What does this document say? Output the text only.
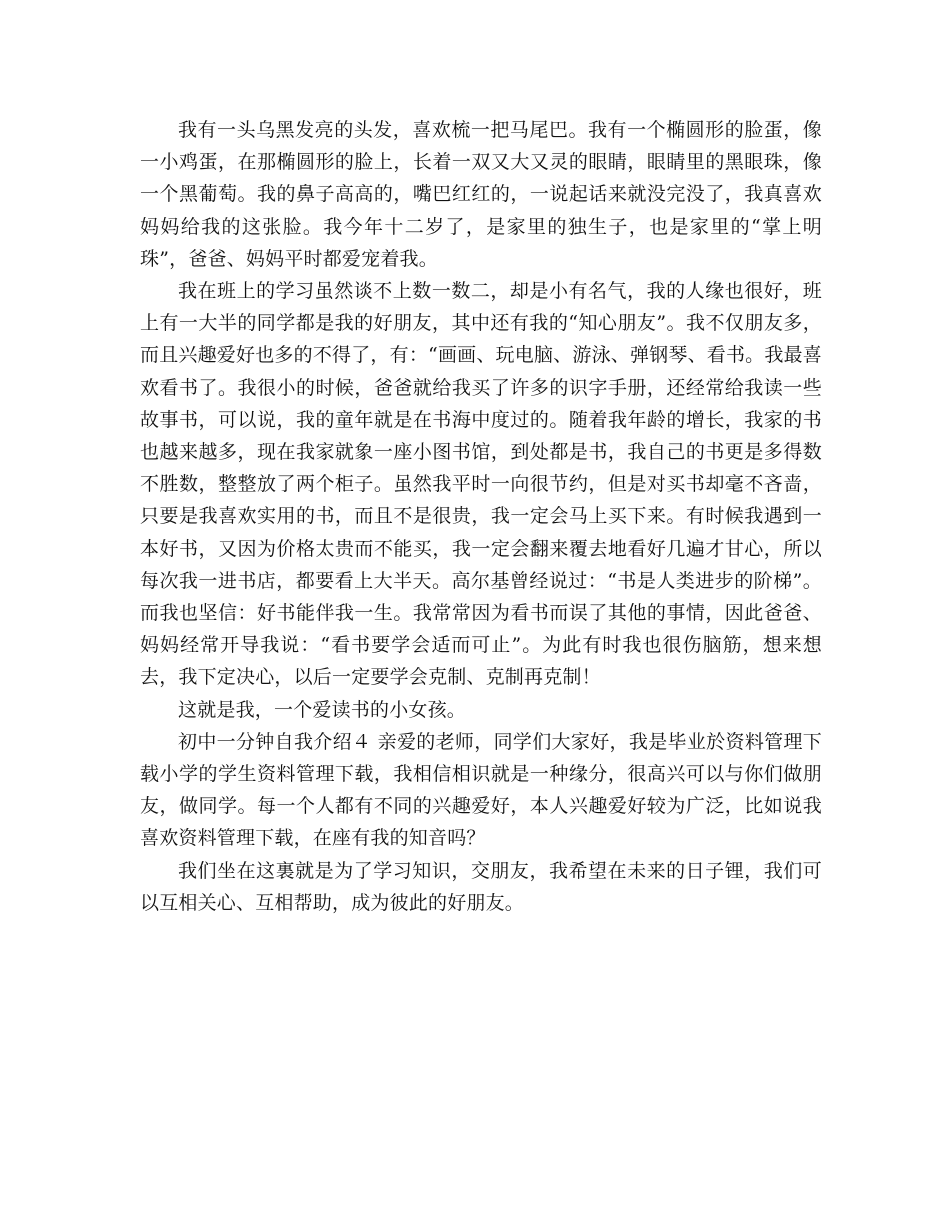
我有一头乌黑发亮的头发，喜欢梳一把马尾巴。我有一个椭圆形的脸蛋，像一小鸡蛋，在那椭圆形的脸上，长着一双又大又灵的眼睛，眼睛里的黑眼珠，像一个黑葡萄。我的鼻子高高的，嘴巴红红的，一说起话来就没完没了，我真喜欢妈妈给我的这张脸。我今年十二岁了，是家里的独生子，也是家里的“掌上明珠”，爸爸、妈妈平时都爱宠着我。

我在班上的学习虽然谈不上数一数二，却是小有名气，我的人缘也很好，班上有一大半的同学都是我的好朋友，其中还有我的“知心朋友”。我不仅朋友多，而且兴趣爱好也多的不得了，有：“画画、玩电脑、游泳、弹钢琴、看书。我最喜欢看书了。我很小的时候，爸爸就给我买了许多的识字手册，还经常给我读一些故事书，可以说，我的童年就是在书海中度过的。随着我年龄的增长，我家的书也越来越多，现在我家就象一座小图书馆，到处都是书，我自己的书更是多得数不胜数，整整放了两个柜子。虽然我平时一向很节约，但是对买书却毫不吝啬，只要是我喜欢实用的书，而且不是很贵，我一定会马上买下来。有时候我遇到一本好书，又因为价格太贵而不能买，我一定会翻来覆去地看好几遍才甘心，所以每次我一进书店，都要看上大半天。高尔基曾经说过：“书是人类进步的阶梯”。而我也坚信：好书能伴我一生。我常常因为看书而误了其他的事情，因此爸爸、妈妈经常开导我说：“看书要学会适而可止”。为此有时我也很伤脑筋，想来想去，我下定决心，以后一定要学会克制、克制再克制！

这就是我，一个爱读书的小女孩。

初中一分钟自我介绍４ 亲爱的老师，同学们大家好，我是毕业於资料管理下载小学的学生资料管理下载，我相信相识就是一种缘分，很高兴可以与你们做朋友，做同学。每一个人都有不同的兴趣爱好，本人兴趣爱好较为广泛，比如说我喜欢资料管理下载，在座有我的知音吗？

我们坐在这裏就是为了学习知识，交朋友，我希望在未来的日子锂，我们可以互相关心、互相帮助，成为彼此的好朋友。
